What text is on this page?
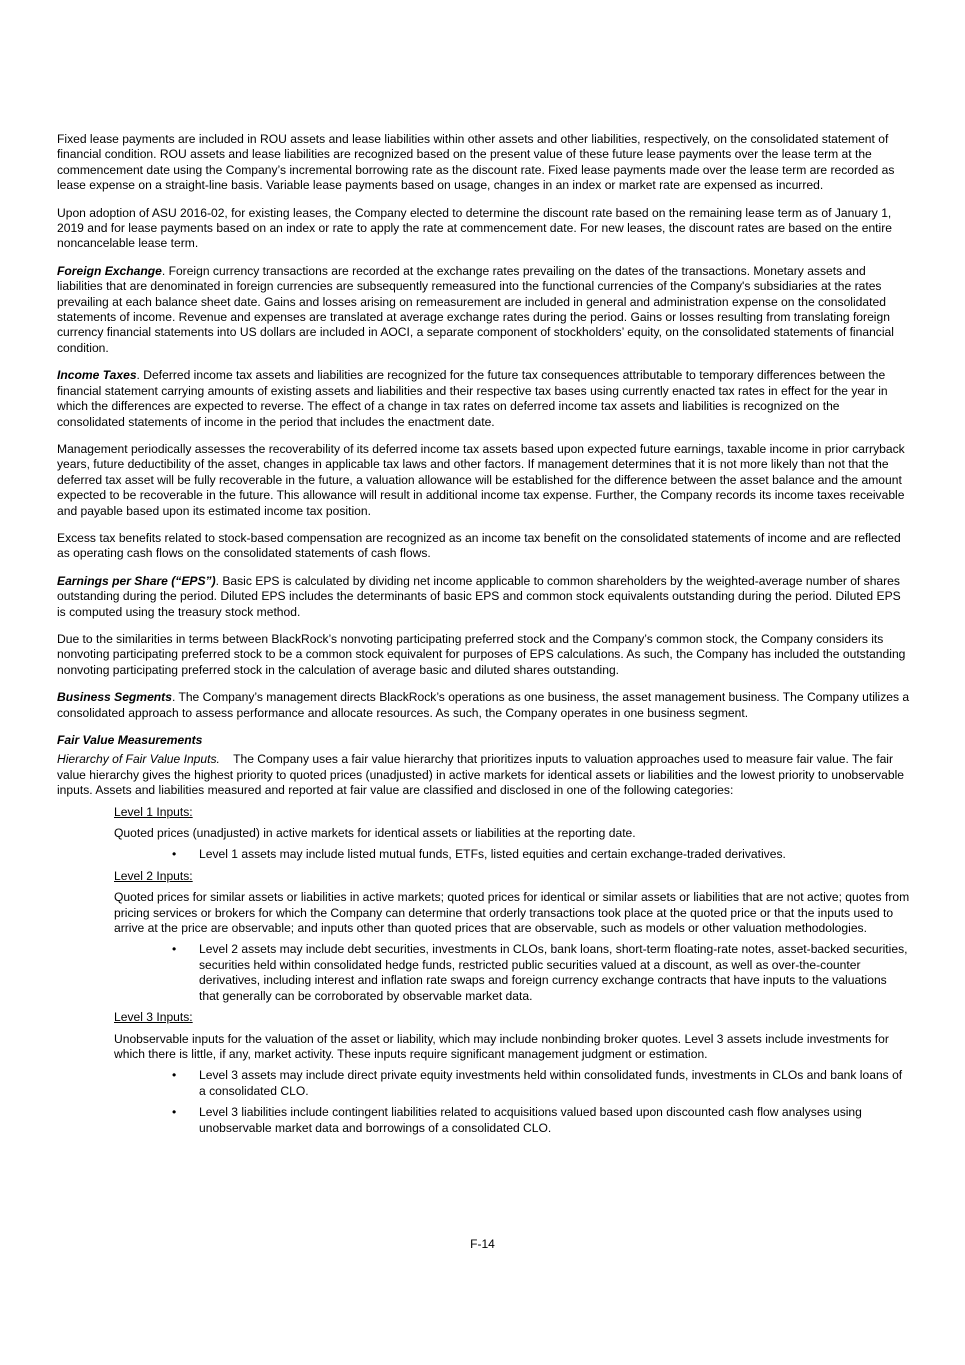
Fixed lease payments are included in ROU assets and lease liabilities within other assets and other liabilities, respectively, on the consolidated statement of financial condition. ROU assets and lease liabilities are recognized based on the present value of these future lease payments over the lease term at the commencement date using the Company’s incremental borrowing rate as the discount rate. Fixed lease payments made over the lease term are recorded as lease expense on a straight-line basis. Variable lease payments based on usage, changes in an index or market rate are expensed as incurred.

Upon adoption of ASU 2016-02, for existing leases, the Company elected to determine the discount rate based on the remaining lease term as of January 1, 2019 and for lease payments based on an index or rate to apply the rate at commencement date. For new leases, the discount rates are based on the entire noncancelable lease term.

Foreign Exchange. Foreign currency transactions are recorded at the exchange rates prevailing on the dates of the transactions. Monetary assets and liabilities that are denominated in foreign currencies are subsequently remeasured into the functional currencies of the Company's subsidiaries at the rates prevailing at each balance sheet date. Gains and losses arising on remeasurement are included in general and administration expense on the consolidated statements of income. Revenue and expenses are translated at average exchange rates during the period. Gains or losses resulting from translating foreign currency financial statements into US dollars are included in AOCI, a separate component of stockholders’ equity, on the consolidated statements of financial condition.

Income Taxes. Deferred income tax assets and liabilities are recognized for the future tax consequences attributable to temporary differences between the financial statement carrying amounts of existing assets and liabilities and their respective tax bases using currently enacted tax rates in effect for the year in which the differences are expected to reverse. The effect of a change in tax rates on deferred income tax assets and liabilities is recognized on the consolidated statements of income in the period that includes the enactment date.

Management periodically assesses the recoverability of its deferred income tax assets based upon expected future earnings, taxable income in prior carryback years, future deductibility of the asset, changes in applicable tax laws and other factors. If management determines that it is not more likely than not that the deferred tax asset will be fully recoverable in the future, a valuation allowance will be established for the difference between the asset balance and the amount expected to be recoverable in the future. This allowance will result in additional income tax expense. Further, the Company records its income taxes receivable and payable based upon its estimated income tax position.

Excess tax benefits related to stock-based compensation are recognized as an income tax benefit on the consolidated statements of income and are reflected as operating cash flows on the consolidated statements of cash flows.

Earnings per Share (“EPS”). Basic EPS is calculated by dividing net income applicable to common shareholders by the weighted-average number of shares outstanding during the period. Diluted EPS includes the determinants of basic EPS and common stock equivalents outstanding during the period. Diluted EPS is computed using the treasury stock method.

Due to the similarities in terms between BlackRock’s nonvoting participating preferred stock and the Company’s common stock, the Company considers its nonvoting participating preferred stock to be a common stock equivalent for purposes of EPS calculations. As such, the Company has included the outstanding nonvoting participating preferred stock in the calculation of average basic and diluted shares outstanding.

Business Segments. The Company’s management directs BlackRock’s operations as one business, the asset management business. The Company utilizes a consolidated approach to assess performance and allocate resources. As such, the Company operates in one business segment.

Fair Value Measurements

Hierarchy of Fair Value Inputs.    The Company uses a fair value hierarchy that prioritizes inputs to valuation approaches used to measure fair value. The fair value hierarchy gives the highest priority to quoted prices (unadjusted) in active markets for identical assets or liabilities and the lowest priority to unobservable inputs. Assets and liabilities measured and reported at fair value are classified and disclosed in one of the following categories:

Level 1 Inputs:
Quoted prices (unadjusted) in active markets for identical assets or liabilities at the reporting date.
• Level 1 assets may include listed mutual funds, ETFs, listed equities and certain exchange-traded derivatives.
Level 2 Inputs:
Quoted prices for similar assets or liabilities in active markets; quoted prices for identical or similar assets or liabilities that are not active; quotes from pricing services or brokers for which the Company can determine that orderly transactions took place at the quoted price or that the inputs used to arrive at the price are observable; and inputs other than quoted prices that are observable, such as models or other valuation methodologies.
• Level 2 assets may include debt securities, investments in CLOs, bank loans, short-term floating-rate notes, asset-backed securities, securities held within consolidated hedge funds, restricted public securities valued at a discount, as well as over-the-counter derivatives, including interest and inflation rate swaps and foreign currency exchange contracts that have inputs to the valuations that generally can be corroborated by observable market data.
Level 3 Inputs:
Unobservable inputs for the valuation of the asset or liability, which may include nonbinding broker quotes. Level 3 assets include investments for which there is little, if any, market activity. These inputs require significant management judgment or estimation.
• Level 3 assets may include direct private equity investments held within consolidated funds, investments in CLOs and bank loans of a consolidated CLO.
• Level 3 liabilities include contingent liabilities related to acquisitions valued based upon discounted cash flow analyses using unobservable market data and borrowings of a consolidated CLO.
F-14
